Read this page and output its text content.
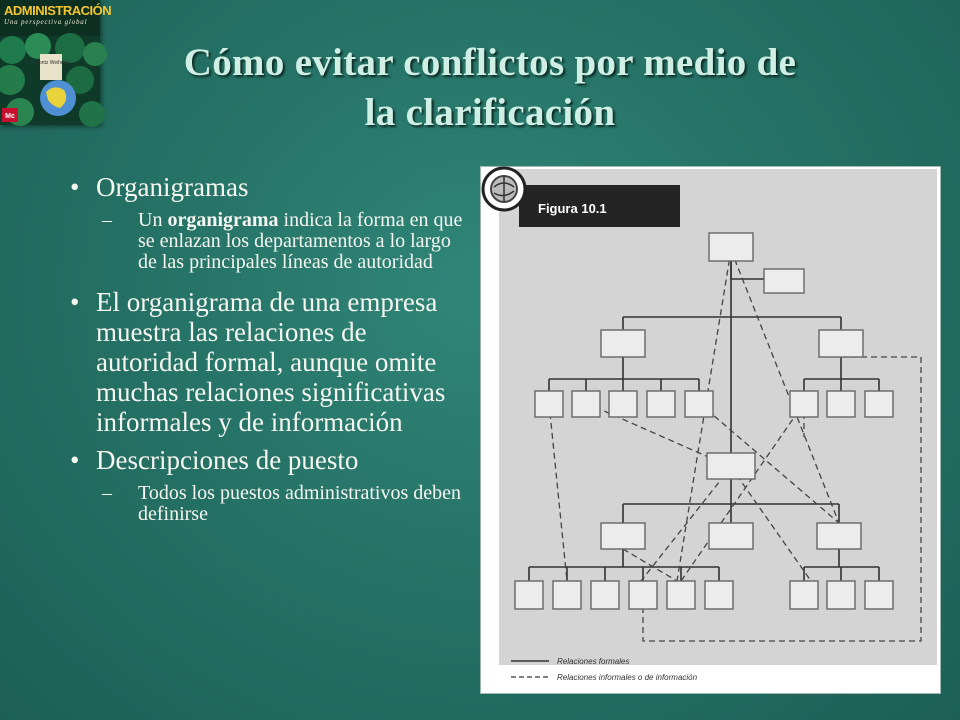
ADMINISTRACIÓN
Una perspectiva global
Koontz Weihrich
Mc
Cómo evitar conflictos por medio de
la clarificación
• Organigramas
– Un organigrama indica la forma en que se enlazan los departamentos a lo largo de las principales líneas de autoridad
• El organigrama de una empresa muestra las relaciones de autoridad formal, aunque omite muchas relaciones significativas informales y de información
• Descripciones de puesto
– Todos los puestos administrativos deben definirse
Figura 10.1
Relaciones formales
Relaciones informales o de información
